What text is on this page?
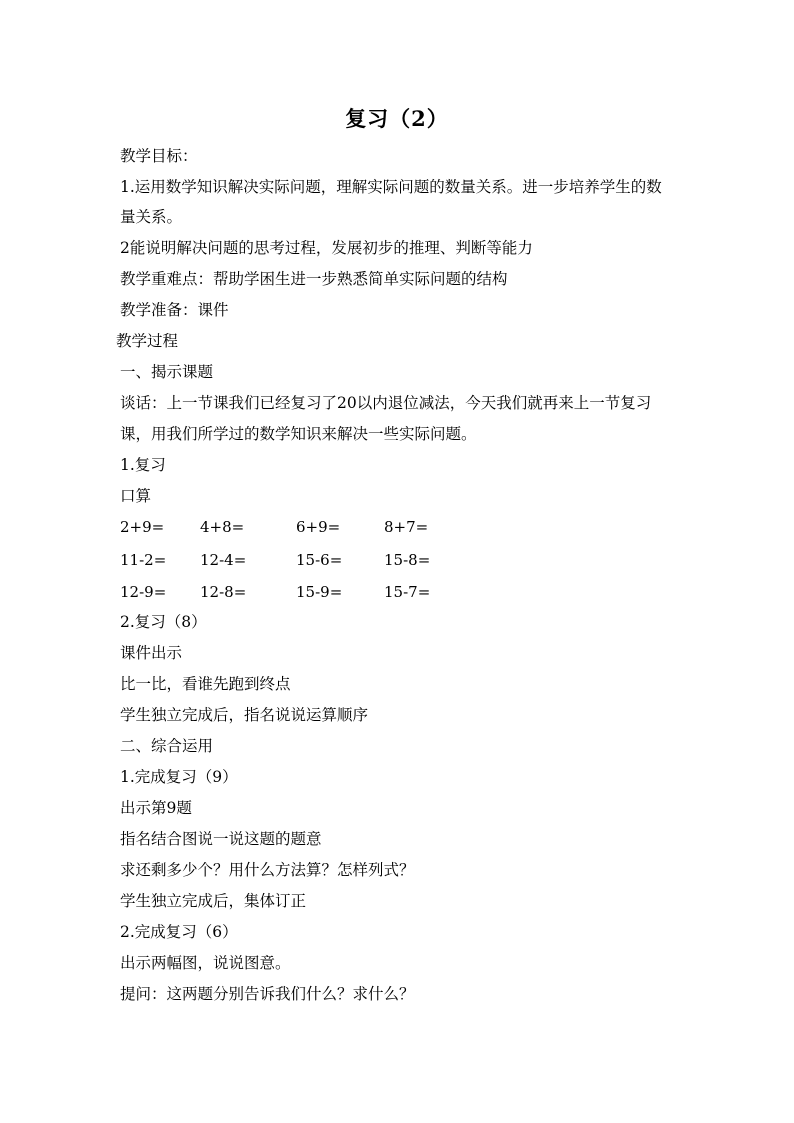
复习（2）
教学目标：
1.运用数学知识解决实际问题，理解实际问题的数量关系。进一步培养学生的数
量关系。
2能说明解决问题的思考过程，发展初步的推理、判断等能力
教学重难点：帮助学困生进一步熟悉简单实际问题的结构
教学准备：课件
教学过程
一、揭示课题
谈话：上一节课我们已经复习了20以内退位减法，今天我们就再来上一节复习
课，用我们所学过的数学知识来解决一些实际问题。
1.复习
口算
2+9= 4+8=	6+9=	8+7=
11-2= 12-4=	15-6=	15-8=
12-9= 12-8=	15-9=	15-7=
2.复习（8）
课件出示
比一比，看谁先跑到终点
学生独立完成后，指名说说运算顺序
二、综合运用
1.完成复习（9）
出示第9题
指名结合图说一说这题的题意
求还剩多少个？用什么方法算？怎样列式？
学生独立完成后，集体订正
2.完成复习（6）
出示两幅图，说说图意。
提问：这两题分别告诉我们什么？求什么？
